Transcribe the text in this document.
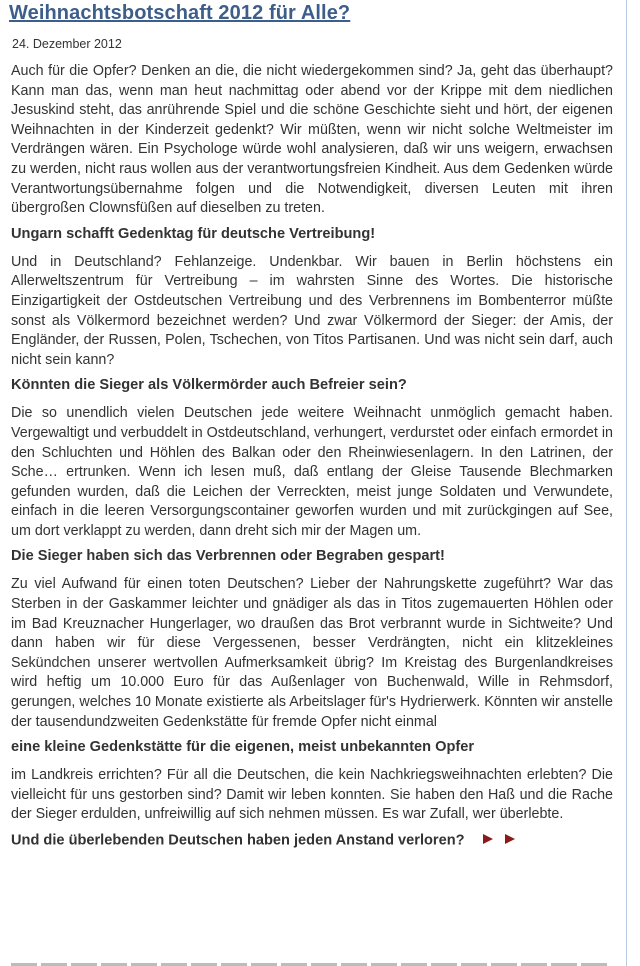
Weihnachtsbotschaft 2012 für Alle?
24. Dezember 2012

Auch für die Opfer? Denken an die, die nicht wiedergekommen sind? Ja, geht das überhaupt? Kann man das, wenn man heut nachmittag oder abend vor der Krippe mit dem niedlichen Jesuskind steht, das anrührende Spiel und die schöne Geschichte sieht und hört, der eigenen Weihnachten in der Kinderzeit gedenkt? Wir müßten, wenn wir nicht solche Weltmeister im Verdrängen wären. Ein Psychologe würde wohl analysieren, daß wir uns weigern, erwachsen zu werden, nicht raus wollen aus der verantwortungsfreien Kindheit. Aus dem Gedenken würde Verantwortungsübernahme folgen und die Notwendigkeit, diversen Leuten mit ihren übergroßen Clownsfüßen auf dieselben zu treten.

Ungarn schafft Gedenktag für deutsche Vertreibung!

Und in Deutschland? Fehlanzeige. Undenkbar. Wir bauen in Berlin höchstens ein Allerweltszentrum für Vertreibung – im wahrsten Sinne des Wortes. Die historische Einzigartigkeit der Ostdeutschen Vertreibung und des Verbrennens im Bombenterror müßte sonst als Völkermord bezeichnet werden? Und zwar Völkermord der Sieger: der Amis, der Engländer, der Russen, Polen, Tschechen, von Titos Partisanen. Und was nicht sein darf, auch nicht sein kann?

Könnten die Sieger als Völkermörder auch Befreier sein?

Die so unendlich vielen Deutschen jede weitere Weihnacht unmöglich gemacht haben. Vergewaltigt und verbuddelt in Ostdeutschland, verhungert, verdurstet oder einfach ermordet in den Schluchten und Höhlen des Balkan oder den Rheinwiesenlagern. In den Latrinen, der Sche… ertrunken. Wenn ich lesen muß, daß entlang der Gleise Tausende Blechmarken gefunden wurden, daß die Leichen der Verreckten, meist junge Soldaten und Verwundete, einfach in die leeren Versorgungscontainer geworfen wurden und mit zurückgingen auf See, um dort verklappt zu werden, dann dreht sich mir der Magen um.

Die Sieger haben sich das Verbrennen oder Begraben gespart!

Zu viel Aufwand für einen toten Deutschen? Lieber der Nahrungskette zugeführt? War das Sterben in der Gaskammer leichter und gnädiger als das in Titos zugemauerten Höhlen oder im Bad Kreuznacher Hungerlager, wo draußen das Brot verbrannt wurde in Sichtweite? Und dann haben wir für diese Vergessenen, besser Verdrängten, nicht ein klitzekleines Sekündchen unserer wertvollen Aufmerksamkeit übrig? Im Kreistag des Burgenlandkreises wird heftig um 10.000 Euro für das Außenlager von Buchenwald, Wille in Rehmsdorf, gerungen, welches 10 Monate existierte als Arbeitslager für's Hydrierwerk. Könnten wir anstelle der tausendundzweiten Gedenkstätte für fremde Opfer nicht einmal

eine kleine Gedenkstätte für die eigenen, meist unbekannten Opfer

im Landkreis errichten? Für all die Deutschen, die kein Nachkriegsweihnachten erlebten? Die vielleicht für uns gestorben sind? Damit wir leben konnten. Sie haben den Haß und die Rache der Sieger erdulden, unfreiwillig auf sich nehmen müssen. Es war Zufall, wer überlebte.

Und die überlebenden Deutschen haben jeden Anstand verloren?
